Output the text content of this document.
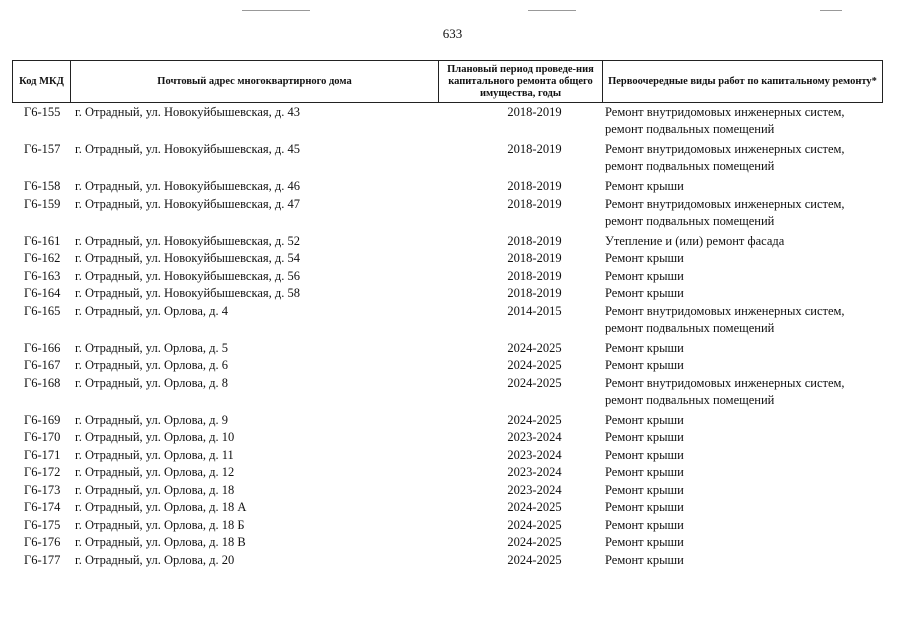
633
Код МКД	Почтовый адрес многоквартирного дома	Плановый период проведе-ния капитального ремонта общего имущества, годы	Первоочередные виды работ по капитальному ремонту*
Г6-155 г. Отрадный, ул. Новокуйбышевская, д. 43	2018-2019	Ремонт внутридомовых инженерных систем,
ремонт подвальных помещений
Г6-157 г. Отрадный, ул. Новокуйбышевская, д. 45	2018-2019	Ремонт внутридомовых инженерных систем,
ремонт подвальных помещений
Г6-158 г. Отрадный, ул. Новокуйбышевская, д. 46	2018-2019	Ремонт крыши
Г6-159 г. Отрадный, ул. Новокуйбышевская, д. 47	2018-2019	Ремонт внутридомовых инженерных систем,
ремонт подвальных помещений
Г6-161 г. Отрадный, ул. Новокуйбышевская, д. 52	2018-2019	Утепление и (или) ремонт фасада
Г6-162 г. Отрадный, ул. Новокуйбышевская, д. 54	2018-2019	Ремонт крыши
Г6-163 г. Отрадный, ул. Новокуйбышевская, д. 56	2018-2019	Ремонт крыши
Г6-164 г. Отрадный, ул. Новокуйбышевская, д. 58	2018-2019	Ремонт крыши
Г6-165 г. Отрадный, ул. Орлова, д. 4	2014-2015	Ремонт внутридомовых инженерных систем,
ремонт подвальных помещений
Г6-166 г. Отрадный, ул. Орлова, д. 5	2024-2025	Ремонт крыши
Г6-167 г. Отрадный, ул. Орлова, д. 6	2024-2025	Ремонт крыши
Г6-168 г. Отрадный, ул. Орлова, д. 8	2024-2025	Ремонт внутридомовых инженерных систем,
ремонт подвальных помещений
Г6-169 г. Отрадный, ул. Орлова, д. 9	2024-2025	Ремонт крыши
Г6-170 г. Отрадный, ул. Орлова, д. 10	2023-2024	Ремонт крыши
Г6-171 г. Отрадный, ул. Орлова, д. 11	2023-2024	Ремонт крыши
Г6-172 г. Отрадный, ул. Орлова, д. 12	2023-2024	Ремонт крыши
Г6-173 г. Отрадный, ул. Орлова, д. 18	2023-2024	Ремонт крыши
Г6-174 г. Отрадный, ул. Орлова, д. 18 А	2024-2025	Ремонт крыши
Г6-175 г. Отрадный, ул. Орлова, д. 18 Б	2024-2025	Ремонт крыши
Г6-176 г. Отрадный, ул. Орлова, д. 18 В	2024-2025	Ремонт крыши
Г6-177 г. Отрадный, ул. Орлова, д. 20	2024-2025	Ремонт крыши
